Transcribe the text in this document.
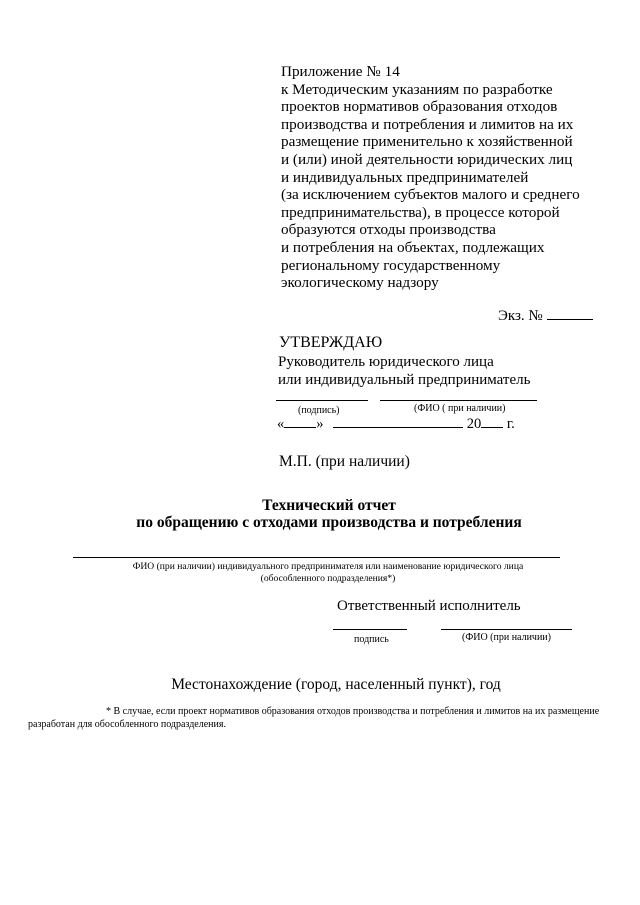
Приложение № 14
к Методическим указаниям по разработке
проектов нормативов образования отходов
производства и потребления и лимитов на их
размещение применительно к хозяйственной
и (или) иной деятельности юридических лиц
и индивидуальных предпринимателей
(за исключением субъектов малого и среднего
предпринимательства), в процессе которой
образуются отходы производства
и потребления на объектах, подлежащих
региональному государственному
экологическому надзору
Экз. №
УТВЕРЖДАЮ
Руководитель юридического лица
или индивидуальный предприниматель
(подпись)	(ФИО ( при наличии)
« »	20 г.
М.П. (при наличии)
Технический отчет
по обращению с отходами производства и потребления
ФИО (при наличии) индивидуального предпринимателя или наименование юридического лица
(обособленного подразделения*)
Ответственный исполнитель
подпись	(ФИО (при наличии)
Местонахождение (город, населенный пункт), год
* В случае, если проект нормативов образования отходов производства и потребления и лимитов на их размещение разработан для обособленного подразделения.
